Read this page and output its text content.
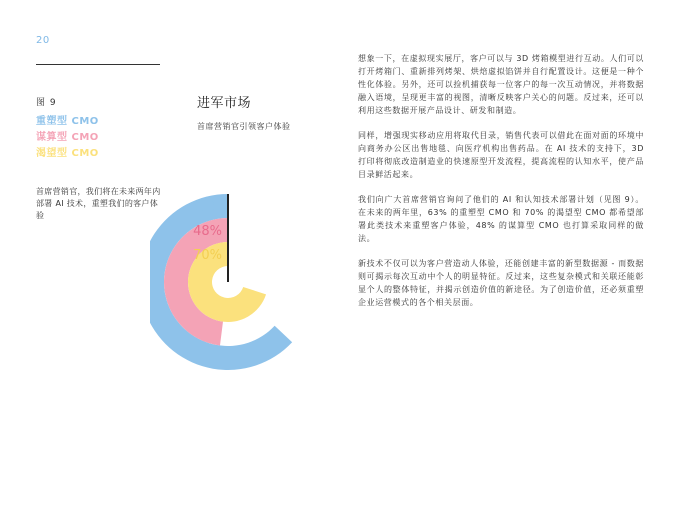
20
图 9
重塑型 CMO
谋算型 CMO
渴望型 CMO

首席营销官，我们将在未来两年内部署 AI 技术，重塑我们的客户体验

进军市场

首席营销官引领客户体验

63%
48%
70%

想象一下，在虚拟现实展厅，客户可以与 3D 烤箱模型进行互动。人们可以打开烤箱门、重新排列烤架、烘焙虚拟馅饼并自行配置设计。这便是一种个性化体验。另外，还可以捡机捕获每一位客户的每一次互动情况，并将数据融入语境，呈现更丰富的视图，清晰反映客户关心的问题。反过来，还可以利用这些数据开展产品设计、研发和制造。

同样，增强现实移动应用将取代目录，销售代表可以借此在面对面的环境中向商务办公区出售地毯、向医疗机构出售药品。在 AI 技术的支持下，3D 打印将彻底改造制造业的快速原型开发流程，提高流程的认知水平，使产品目录鲜活起来。

我们向广大首席营销官询问了他们的 AI 和认知技术部署计划（见图 9）。在未来的两年里，63% 的重塑型 CMO 和 70% 的渴望型 CMO 都希望部署此类技术来重塑客户体验，48% 的谋算型 CMO 也打算采取同样的做法。

新技术不仅可以为客户营造动人体验，还能创建丰富的新型数据源 - 而数据则可揭示每次互动中个人的明显特征。反过来，这些复杂模式和关联还能彰显个人的整体特征，并揭示创造价值的新途径。为了创造价值，还必须重塑企业运营模式的各个相关层面。
